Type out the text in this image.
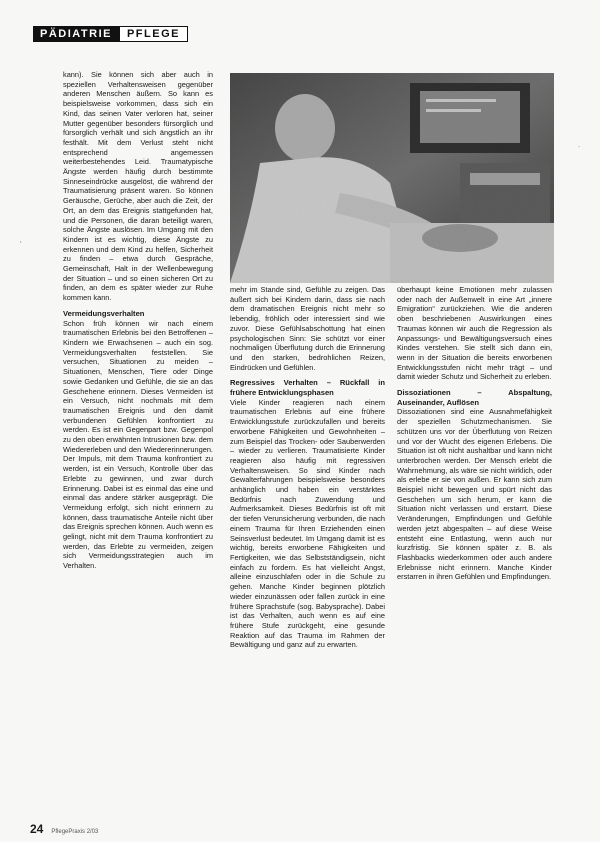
PÄDIATRIE	PFLEGE
'
.

kann). Sie können sich aber auch in speziellen Verhaltensweisen gegenüber anderen Menschen äußern. So kann es beispielsweise vorkommen, dass sich ein Kind, das seinen Vater verloren hat, seiner Mutter gegenüber besonders fürsorglich und fürsorglich verhält und sich ängstlich an ihr festhält. Mit dem Verlust steht nicht entsprechend angemessen weiterbestehendes Leid. Traumatypische Ängste werden häufig durch bestimmte Sinneseindrücke ausgelöst, die während der Traumatisierung präsent waren. So können Geräusche, Gerüche, aber auch die Zeit, der Ort, an dem das Ereignis stattgefunden hat, und die Personen, die daran beteiligt waren, solche Ängste auslösen. Im Umgang mit den Kindern ist es wichtig, diese Ängste zu erkennen und dem Kind zu helfen, Sicherheit zu finden – etwa durch Gespräche, Gemeinschaft, Halt in der Wellenbewegung der Situation – und so einen sicheren Ort zu finden, an dem es später wieder zur Ruhe kommen kann.

Vermeidungsverhalten

Schon früh können wir nach einem traumatischen Erlebnis bei den Betroffenen – Kindern wie Erwachsenen – auch ein sog. Vermeidungsverhalten feststellen. Sie versuchen, Situationen zu meiden – Situationen, Menschen, Tiere oder Dinge sowie Gedanken und Gefühle, die sie an das Geschehene erinnern. Dieses Vermeiden ist ein Versuch, nicht nochmals mit dem traumatischen Ereignis und den damit verbundenen Gefühlen konfrontiert zu werden. Es ist ein Gegenpart bzw. Gegenpol zu den oben erwähnten Intrusionen bzw. dem Wiedererleben und den Wiedererinnerungen. Der Impuls, mit dem Trauma konfrontiert zu werden, ist ein Versuch, Kontrolle über das Erlebte zu gewinnen, und zwar durch Erinnerung. Dabei ist es einmal das eine und einmal das andere stärker ausgeprägt. Die Vermeidung erfolgt, sich nicht erinnern zu können, dass traumatische Anteile nicht über das Ereignis sprechen können. Auch wenn es gelingt, nicht mit dem Trauma konfrontiert zu werden, das Erlebte zu vermeiden, zeigen sich Vermeidungsstrategien auch im Verhalten.

mehr im Stande sind, Gefühle zu zeigen. Das äußert sich bei Kindern darin, dass sie nach dem dramatischen Ereignis nicht mehr so lebendig, fröhlich oder interessiert sind wie zuvor. Diese Gefühlsabschottung hat einen psychologischen Sinn: Sie schützt vor einer nochmaligen Überflutung durch die Erinnerung und den starken, bedrohlichen Reizen, Eindrücken und Gefühlen.

Regressives Verhalten – Rückfall in frühere Entwicklungsphasen

Viele Kinder reagieren nach einem traumatischen Erlebnis auf eine frühere Entwicklungsstufe zurückzufallen und bereits erworbene Fähigkeiten und Gewohnheiten – zum Beispiel das Trocken- oder Sauberwerden – wieder zu verlieren. Traumatisierte Kinder reagieren also häufig mit regressiven Verhaltensweisen. So sind Kinder nach Gewalterfahrungen beispielsweise besonders anhänglich und haben ein verstärktes Bedürfnis nach Zuwendung und Aufmerksamkeit. Dieses Bedürfnis ist oft mit der tiefen Verunsicherung verbunden, die nach einem Trauma für Ihren Erziehenden einen Seinsverlust bedeutet. Im Umgang damit ist es wichtig, bereits erworbene Fähigkeiten und Fertigkeiten, wie das Selbstständigsein, nicht einfach zu fordern. Es hat vielleicht Angst, alleine einzuschlafen oder in die Schule zu gehen. Manche Kinder beginnen plötzlich wieder einzunässen oder fallen zurück in eine frühere Sprachstufe (sog. Babysprache). Dabei ist das Verhalten, auch wenn es auf eine frühere Stufe zurückgeht, eine gesunde Reaktion auf das Trauma im Rahmen der Bewältigung und ganz auf zu erwarten.

überhaupt keine Emotionen mehr zulassen oder nach der Außenwelt in eine Art „innere Emigration“ zurückziehen. Wie die anderen oben beschriebenen Auswirkungen eines Traumas können wir auch die Regression als Anpassungs- und Bewältigungsversuch eines Kindes verstehen. Sie stellt sich dann ein, wenn in der Situation die bereits erworbenen Entwicklungsstufen nicht mehr trägt – und damit wieder Schutz und Sicherheit zu erleben.

Dissoziationen – Abspaltung, Auseinander, Auflösen

Dissoziationen sind eine Ausnahmefähigkeit der speziellen Schutzmechanismen. Sie schützen uns vor der Überflutung von Reizen und vor der Wucht des eigenen Erlebens. Die Situation ist oft nicht aushaltbar und kann nicht unterbrochen werden. Der Mensch erlebt die Wahrnehmung, als wäre sie nicht wirklich, oder als erlebe er sie von außen. Er kann sich zum Beispiel nicht bewegen und spürt nicht das Geschehen um sich herum, er kann die Situation nicht verlassen und erstarrt. Diese Veränderungen, Empfindungen und Gefühle werden jetzt abgespalten – auf diese Weise entsteht eine Entlastung, wenn auch nur kurzfristig. Sie können später z. B. als Flashbacks wiederkommen oder auch andere Erlebnisse nicht erinnern. Manche Kinder erstarren in ihren Gefühlen und Empfindungen.

24 PflegePraxis 2/03
